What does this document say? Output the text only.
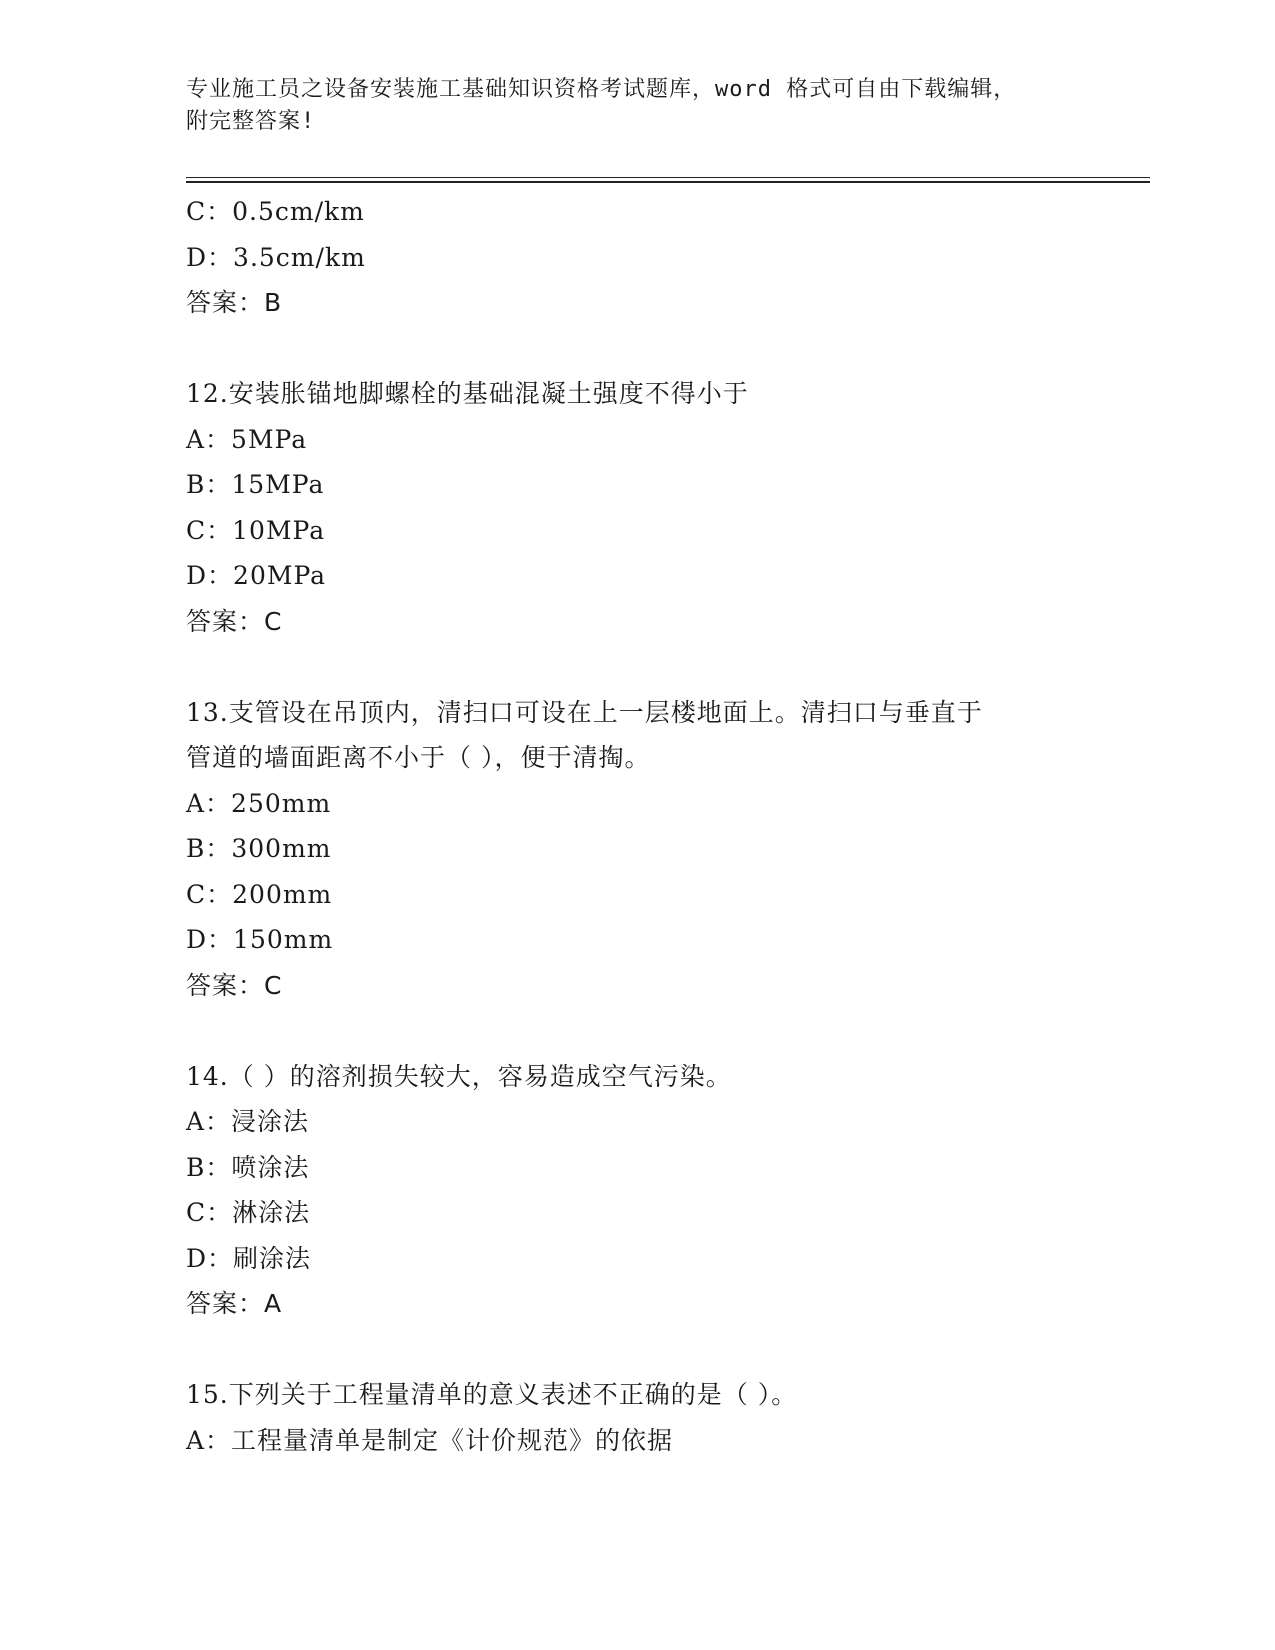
专业施工员之设备安装施工基础知识资格考试题库，word 格式可自由下载编辑，
附完整答案!
C：0.5cm/km
D：3.5cm/km
答案：B
12.安装胀锚地脚螺栓的基础混凝土强度不得小于
A：5MPa
B：15MPa
C：10MPa
D：20MPa
答案：C
13.支管设在吊顶内，清扫口可设在上一层楼地面上。清扫口与垂直于
管道的墙面距离不小于（ ），便于清掏。
A：250mm
B：300mm
C：200mm
D：150mm
答案：C
14.（ ）的溶剂损失较大，容易造成空气污染。
A：浸涂法
B：喷涂法
C：淋涂法
D：刷涂法
答案：A
15.下列关于工程量清单的意义表述不正确的是（ ）。
A：工程量清单是制定《计价规范》的依据
